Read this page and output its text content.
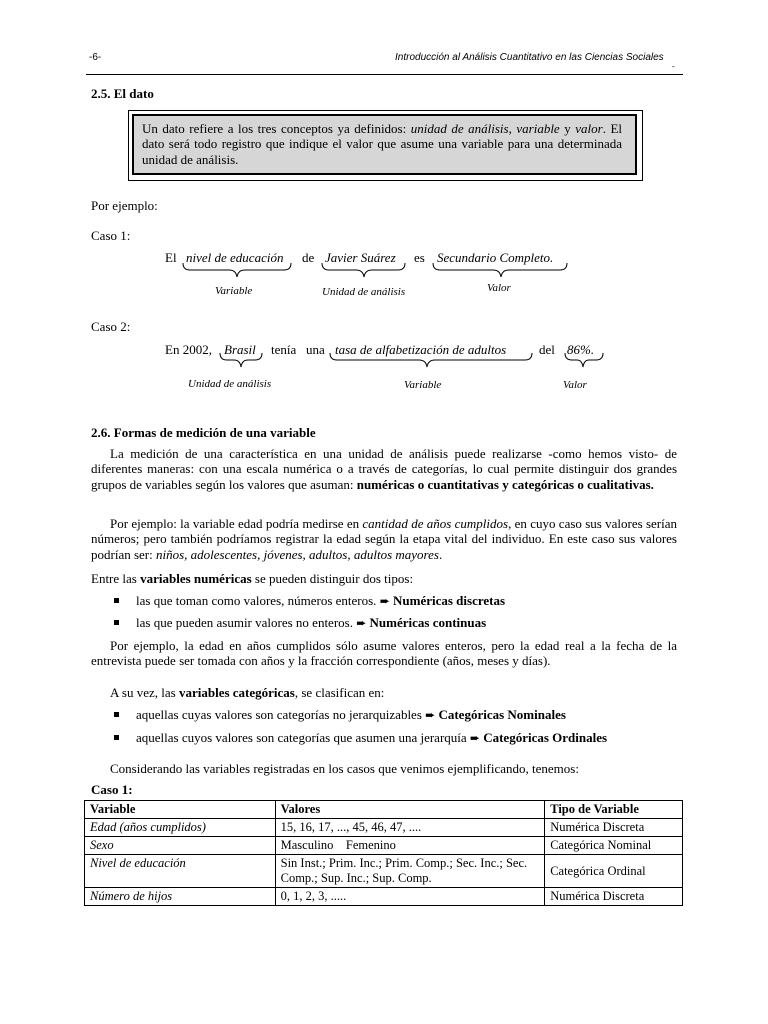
-6-	Introducción al Análisis Cuantitativo en las Ciencias Sociales
-
2.5. El dato
Un dato refiere a los tres conceptos ya definidos: unidad de análisis, variable y valor. El dato será todo registro que indique el valor que asume una variable para una determinada unidad de análisis.
Por ejemplo:
Caso 1:
El nivel de educación de Javier Suárez es Secundario Completo.
Variable	Unidad de análisis	Valor
Caso 2:
En 2002, Brasil tenía una tasa de alfabetización de adultos	del 86%.
Unidad de análisis	Variable	Valor
2.6. Formas de medición de una variable
La medición de una característica en una unidad de análisis puede realizarse -como hemos visto- de diferentes maneras: con una escala numérica o a través de categorías, lo cual permite distinguir dos grandes grupos de variables según los valores que asuman: numéricas o cuantitativas y categóricas o cualitativas.
Por ejemplo: la variable edad podría medirse en cantidad de años cumplidos, en cuyo caso sus valores serían números; pero también podríamos registrar la edad según la etapa vital del individuo. En este caso sus valores podrían ser: niños, adolescentes, jóvenes, adultos, adultos mayores.
Entre las variables numéricas se pueden distinguir dos tipos:
las que toman como valores, números enteros. ➨ Numéricas discretas
las que pueden asumir valores no enteros. ➨ Numéricas continuas
Por ejemplo, la edad en años cumplidos sólo asume valores enteros, pero la edad real a la fecha de la entrevista puede ser tomada con años y la fracción correspondiente (años, meses y días).
A su vez, las variables categóricas, se clasifican en:
aquellas cuyas valores son categorías no jerarquizables ➨ Categóricas Nominales
aquellas cuyos valores son categorías que asumen una jerarquía ➨ Categóricas Ordinales
Considerando las variables registradas en los casos que venimos ejemplificando, tenemos:
Caso 1:
Variable	Valores	Tipo de Variable
Edad (años cumplidos)	15, 16, 17, ..., 45, 46, 47, ....	Numérica Discreta
Sexo	Masculino    Femenino	Categórica Nominal
Nivel de educación	Sin Inst.; Prim. Inc.; Prim. Comp.; Sec. Inc.; Sec. Comp.; Sup. Inc.; Sup. Comp.	Categórica Ordinal
Número de hijos	0, 1, 2, 3, .....	Numérica Discreta
